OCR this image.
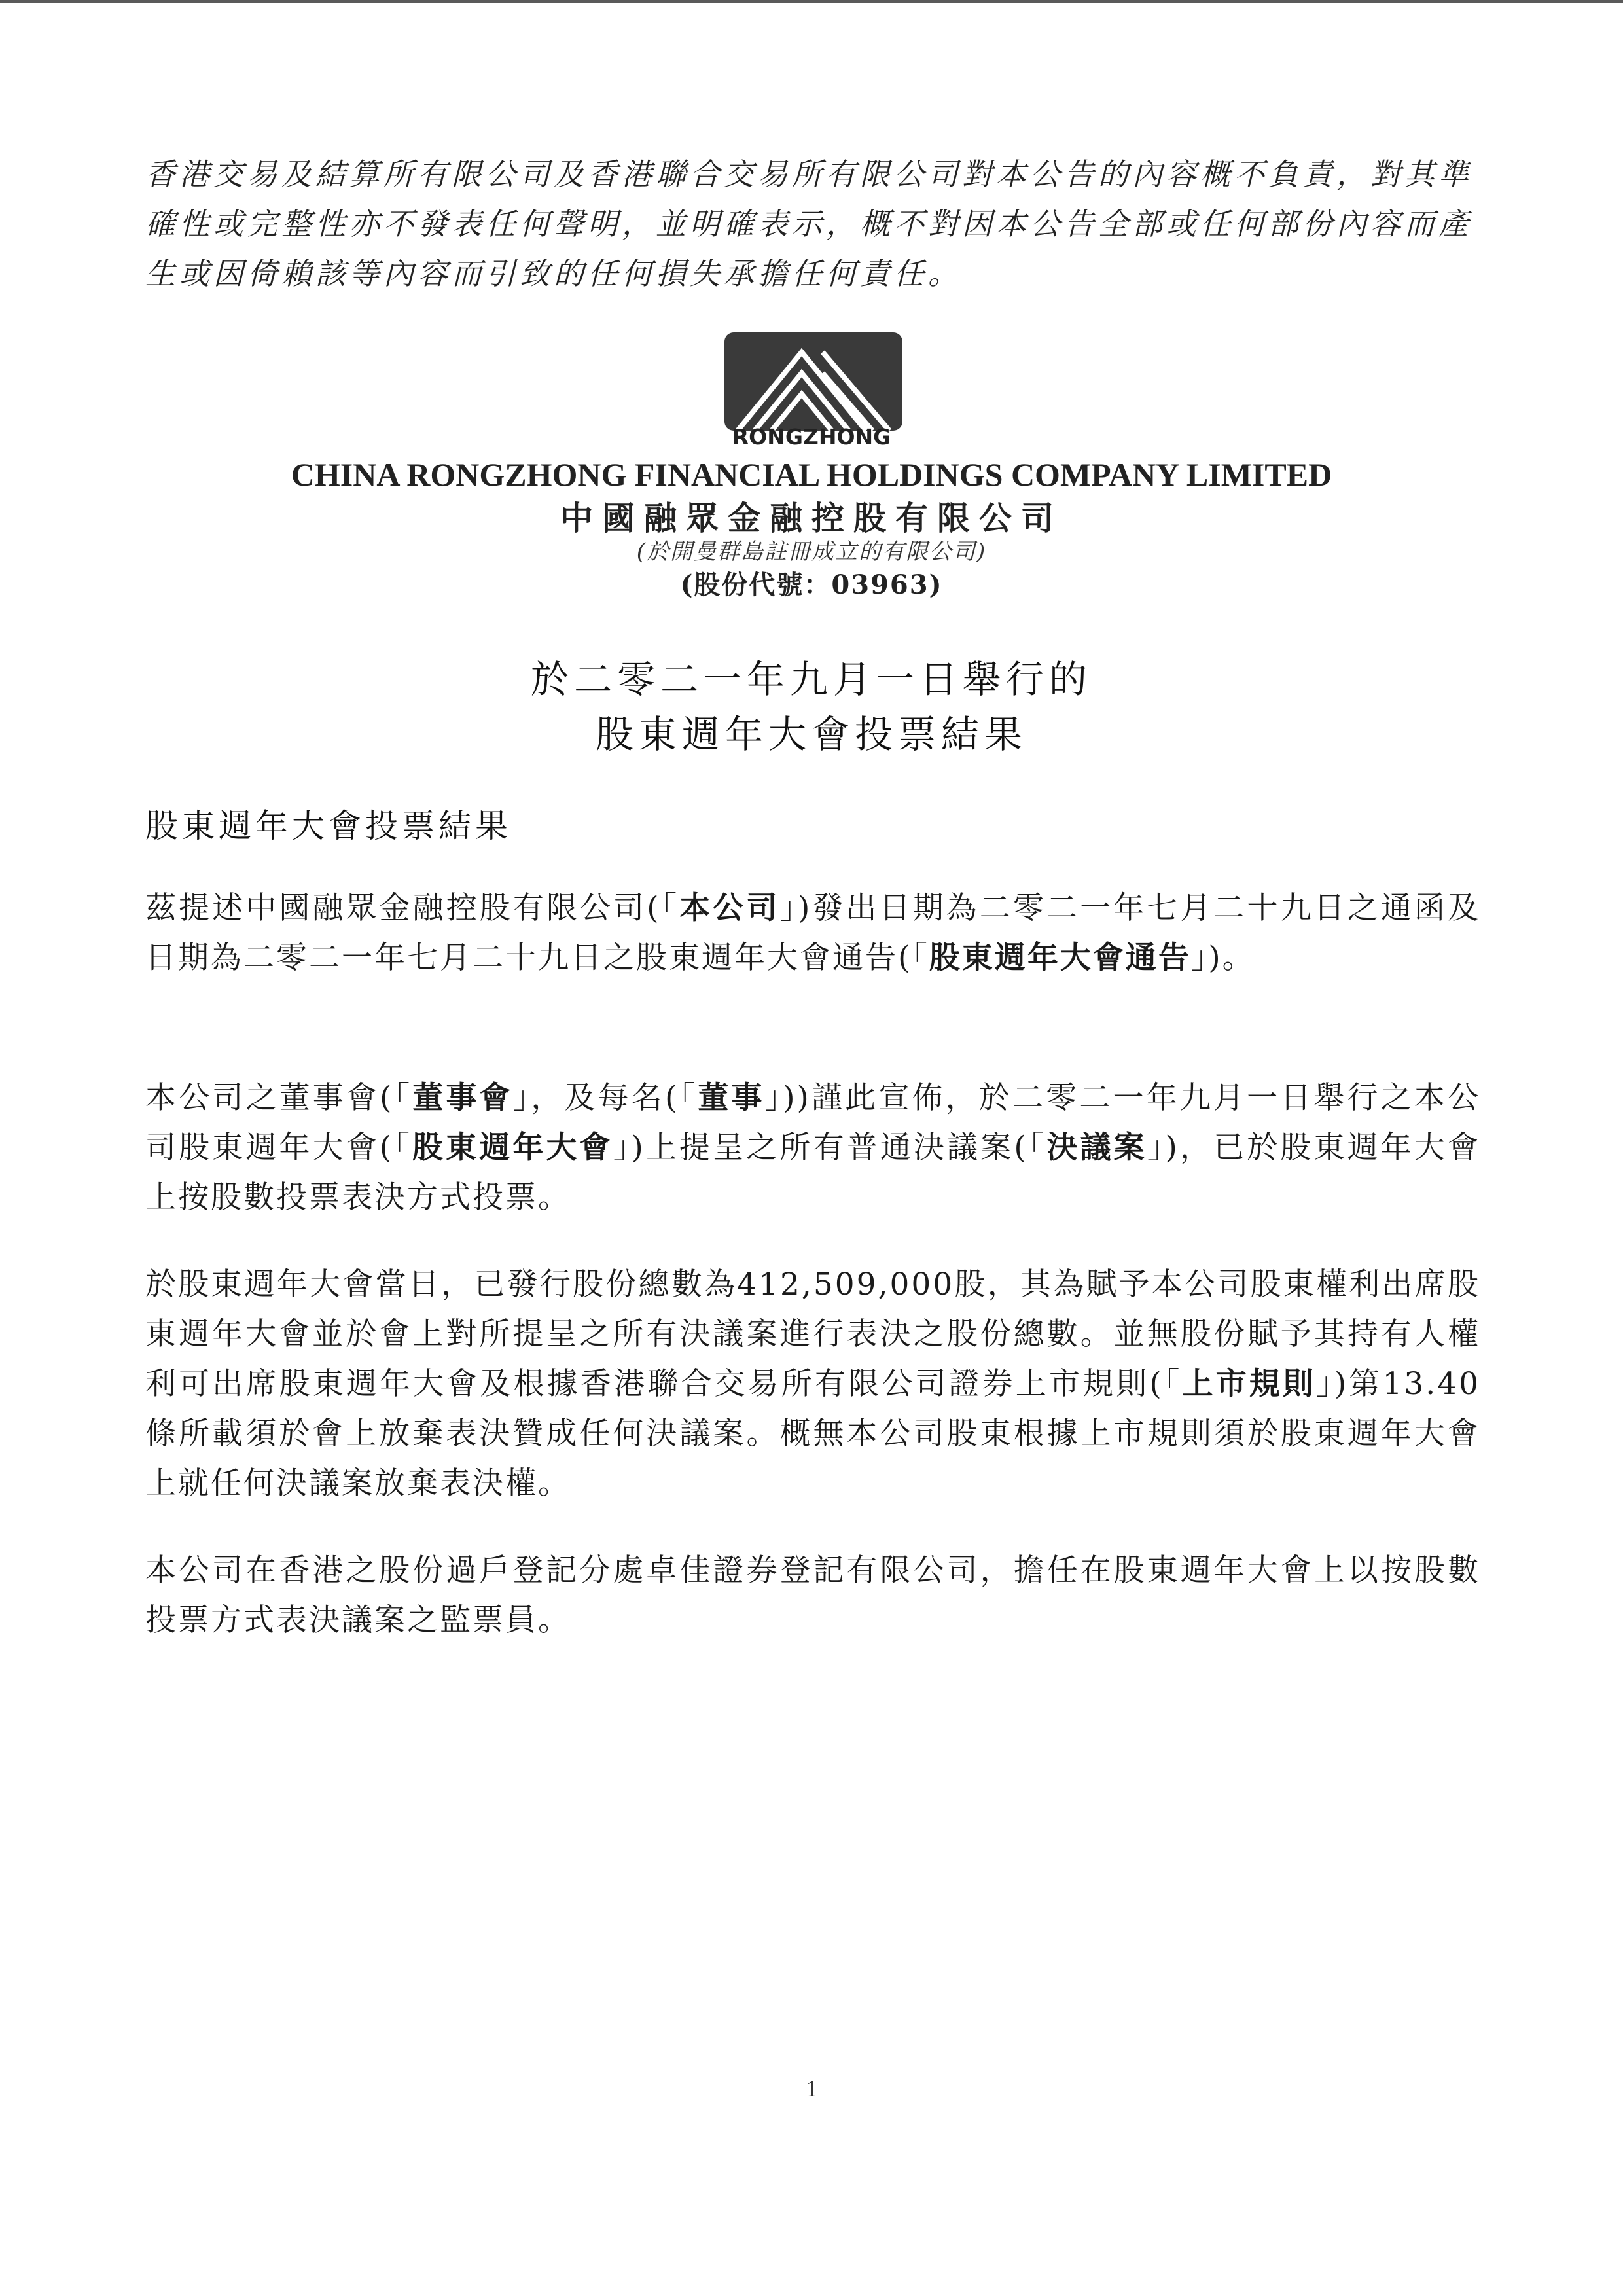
香港交易及結算所有限公司及香港聯合交易所有限公司對本公告的內容概不負責，對其準確性或完整性亦不發表任何聲明，並明確表示，概不對因本公告全部或任何部份內容而產生或因倚賴該等內容而引致的任何損失承擔任何責任。
RONGZHONG
CHINA RONGZHONG FINANCIAL HOLDINGS COMPANY LIMITED
中國融眾金融控股有限公司
(於開曼群島註冊成立的有限公司)
(股份代號：03963)
於二零二一年九月一日舉行的
股東週年大會投票結果
股東週年大會投票結果
茲提述中國融眾金融控股有限公司(「本公司」)發出日期為二零二一年七月二十九日之通函及日期為二零二一年七月二十九日之股東週年大會通告(「股東週年大會通告」)。
本公司之董事會(「董事會」，及每名(「董事」))謹此宣佈，於二零二一年九月一日舉行之本公司股東週年大會(「股東週年大會」)上提呈之所有普通決議案(「決議案」)，已於股東週年大會上按股數投票表決方式投票。
於股東週年大會當日，已發行股份總數為412,509,000股，其為賦予本公司股東權利出席股東週年大會並於會上對所提呈之所有決議案進行表決之股份總數。並無股份賦予其持有人權利可出席股東週年大會及根據香港聯合交易所有限公司證券上市規則(「上市規則」)第13.40條所載須於會上放棄表決贊成任何決議案。概無本公司股東根據上市規則須於股東週年大會上就任何決議案放棄表決權。
本公司在香港之股份過戶登記分處卓佳證券登記有限公司，擔任在股東週年大會上以按股數投票方式表決議案之監票員。
1
